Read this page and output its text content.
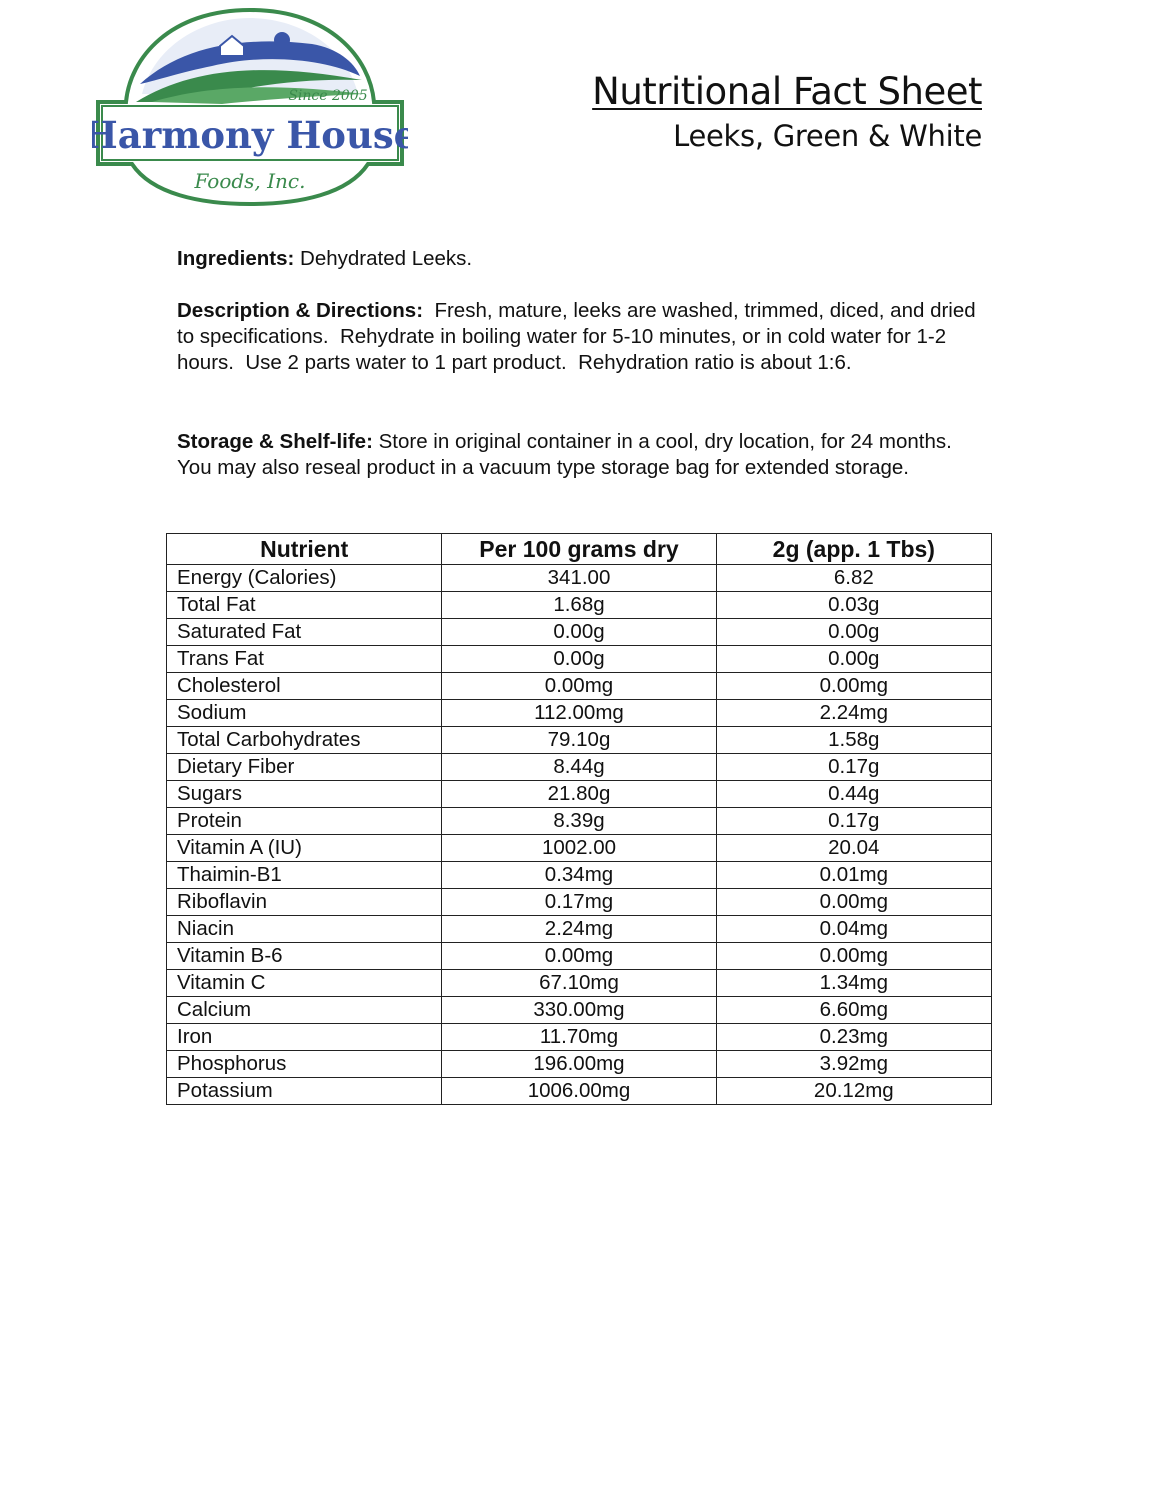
Since 2005
Harmony House
Foods, Inc.
Nutritional Fact Sheet
Leeks, Green & White
Ingredients: Dehydrated Leeks.
Description & Directions:  Fresh, mature, leeks are washed, trimmed, diced, and dried to specifications.  Rehydrate in boiling water for 5-10 minutes, or in cold water for 1-2 hours.  Use 2 parts water to 1 part product.  Rehydration ratio is about 1:6.
Storage & Shelf-life: Store in original container in a cool, dry location, for 24 months.  You may also reseal product in a vacuum type storage bag for extended storage.
Nutrient	Per 100 grams dry	2g (app. 1 Tbs)
Energy (Calories)	341.00	6.82
Total Fat	1.68g	0.03g
Saturated Fat	0.00g	0.00g
Trans Fat	0.00g	0.00g
Cholesterol	0.00mg	0.00mg
Sodium	112.00mg	2.24mg
Total Carbohydrates	79.10g	1.58g
Dietary Fiber	8.44g	0.17g
Sugars	21.80g	0.44g
Protein	8.39g	0.17g
Vitamin A (IU)	1002.00	20.04
Thaimin-B1	0.34mg	0.01mg
Riboflavin	0.17mg	0.00mg
Niacin	2.24mg	0.04mg
Vitamin B-6	0.00mg	0.00mg
Vitamin C	67.10mg	1.34mg
Calcium	330.00mg	6.60mg
Iron	11.70mg	0.23mg
Phosphorus	196.00mg	3.92mg
Potassium	1006.00mg	20.12mg
